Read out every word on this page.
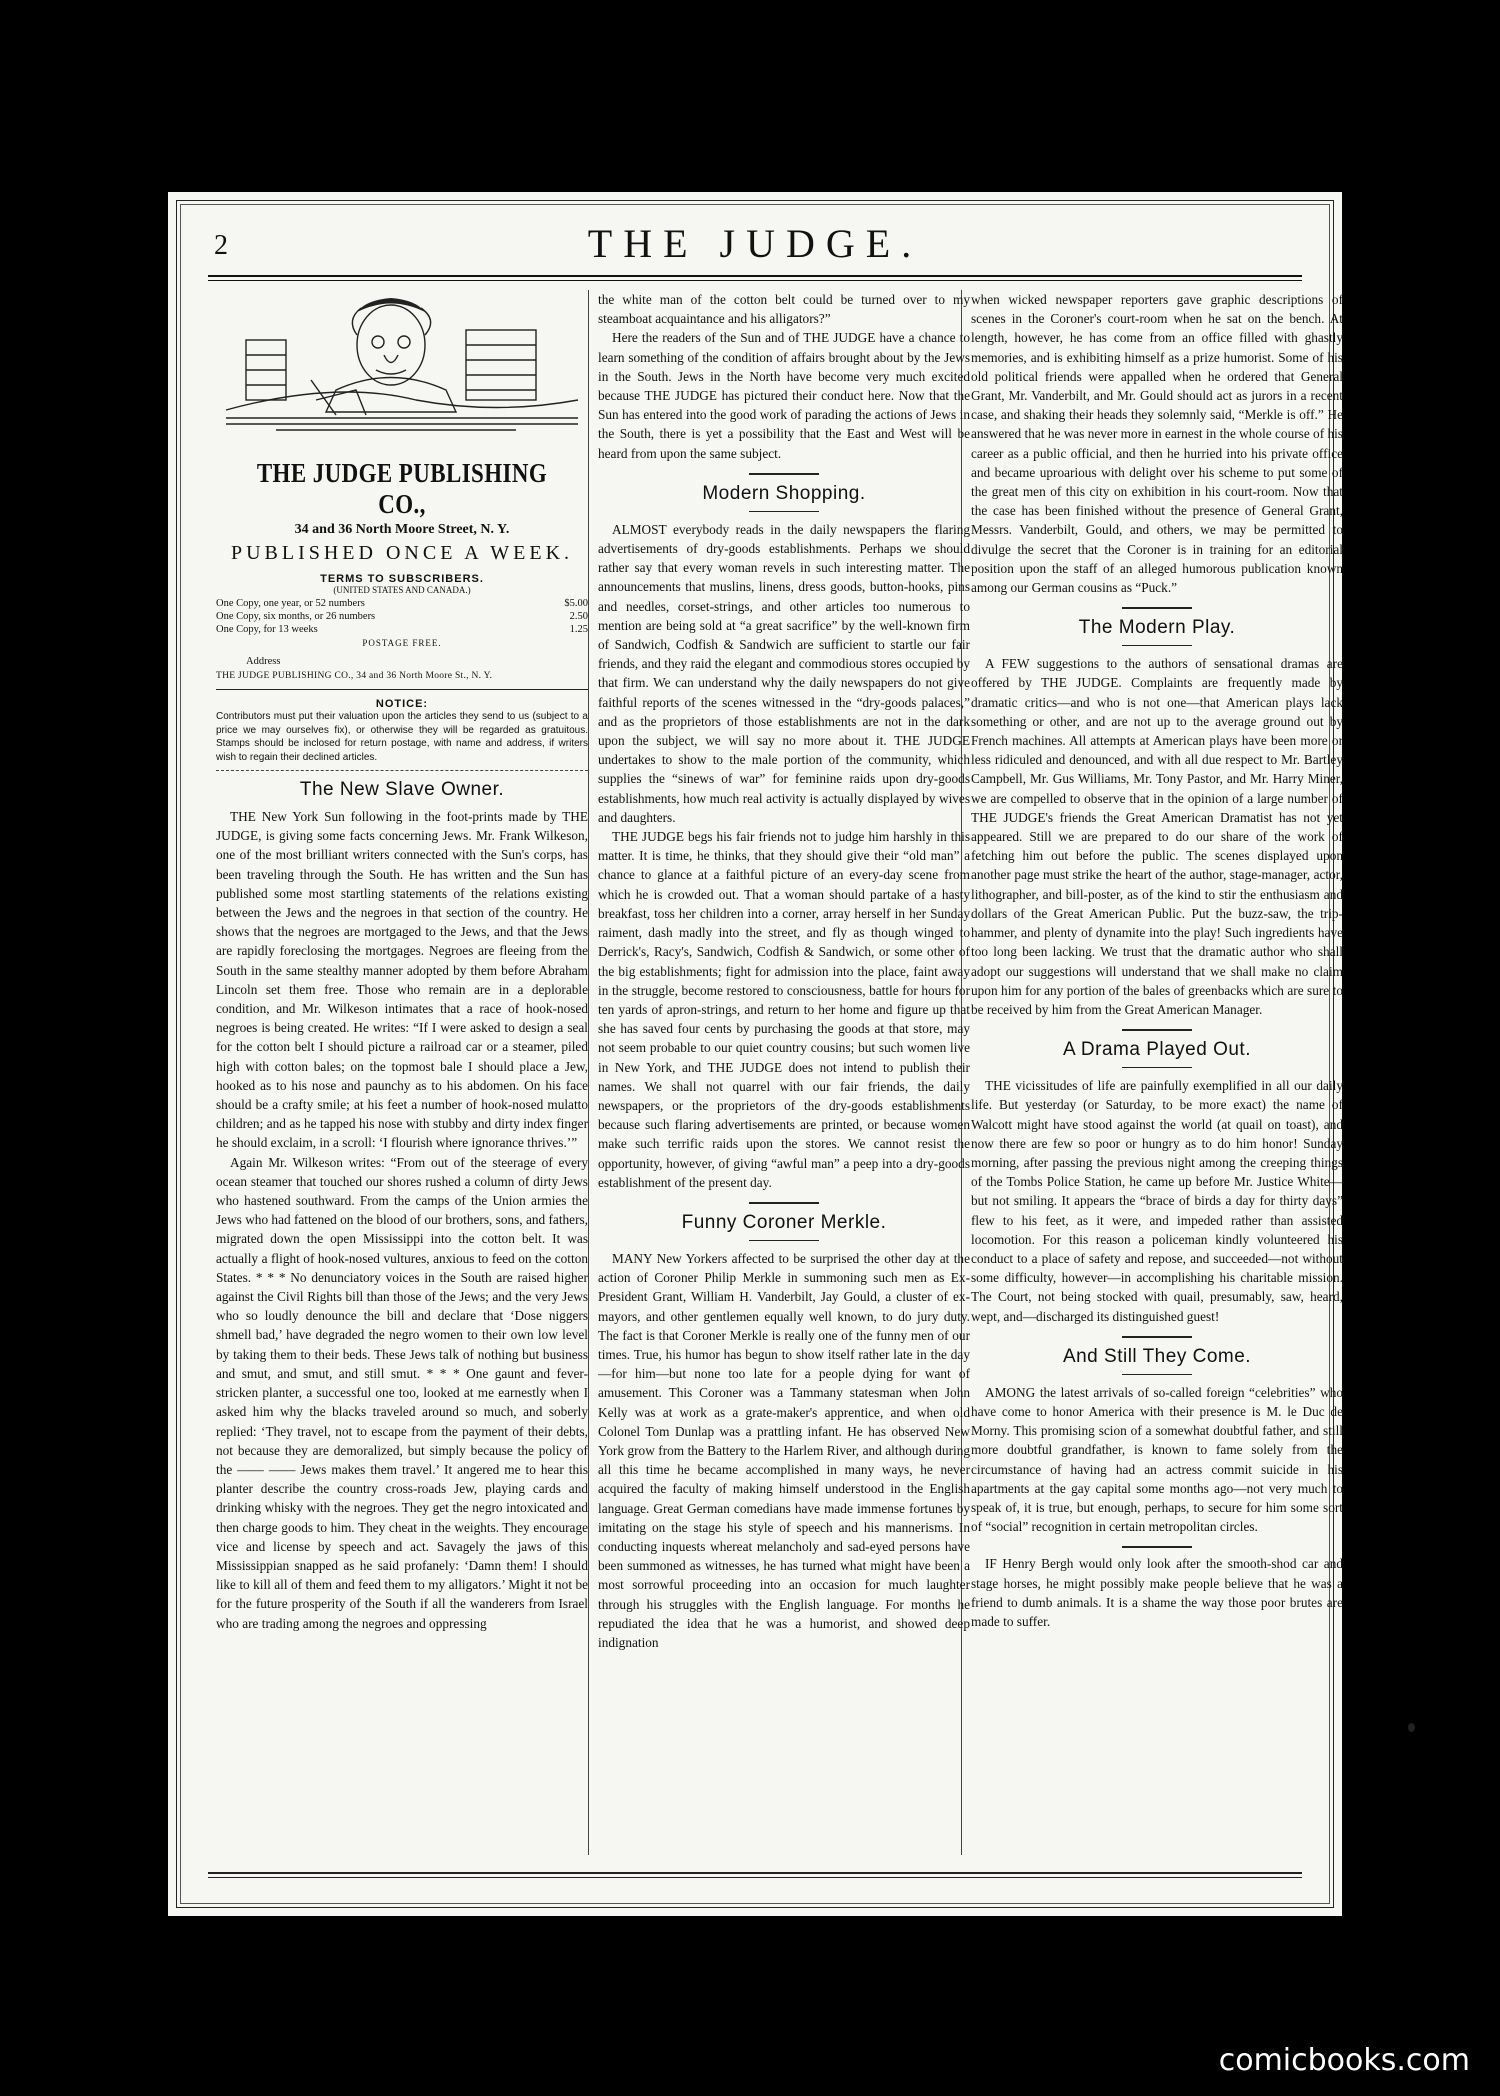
2	THE JUDGE.
THE JUDGE PUBLISHING CO.,
34 and 36 North Moore Street, N. Y.
PUBLISHED ONCE A WEEK.
TERMS TO SUBSCRIBERS.
(UNITED STATES AND CANADA.)
One Copy, one year, or 52 numbers	$5.00
One Copy, six months, or 26 numbers	2.50
One Copy, for 13 weeks	1.25
POSTAGE FREE.
Address
THE JUDGE PUBLISHING CO., 34 and 36 North Moore St., N. Y.
NOTICE:
Contributors must put their valuation upon the articles they send to us (subject to a price we may ourselves fix), or otherwise they will be regarded as gratuitous. Stamps should be inclosed for return postage, with name and address, if writers wish to regain their declined articles.
The New Slave Owner.

THE New York Sun following in the foot-prints made by THE JUDGE, is giving some facts concerning Jews. Mr. Frank Wilkeson, one of the most brilliant writers connected with the Sun's corps, has been traveling through the South. He has written and the Sun has published some most startling statements of the relations existing between the Jews and the negroes in that section of the country. He shows that the negroes are mortgaged to the Jews, and that the Jews are rapidly foreclosing the mortgages. Negroes are fleeing from the South in the same stealthy manner adopted by them before Abraham Lincoln set them free. Those who remain are in a deplorable condition, and Mr. Wilkeson intimates that a race of hook-nosed negroes is being created. He writes: “If I were asked to design a seal for the cotton belt I should picture a railroad car or a steamer, piled high with cotton bales; on the topmost bale I should place a Jew, hooked as to his nose and paunchy as to his abdomen. On his face should be a crafty smile; at his feet a number of hook-nosed mulatto children; and as he tapped his nose with stubby and dirty index finger he should exclaim, in a scroll: ‘I flourish where ignorance thrives.’”

Again Mr. Wilkeson writes: “From out of the steerage of every ocean steamer that touched our shores rushed a column of dirty Jews who hastened southward. From the camps of the Union armies the Jews who had fattened on the blood of our brothers, sons, and fathers, migrated down the open Mississippi into the cotton belt. It was actually a flight of hook-nosed vultures, anxious to feed on the cotton States. * * * No denunciatory voices in the South are raised higher against the Civil Rights bill than those of the Jews; and the very Jews who so loudly denounce the bill and declare that ‘Dose niggers shmell bad,’ have degraded the negro women to their own low level by taking them to their beds. These Jews talk of nothing but business and smut, and smut, and still smut. * * * One gaunt and fever-stricken planter, a successful one too, looked at me earnestly when I asked him why the blacks traveled around so much, and soberly replied: ‘They travel, not to escape from the payment of their debts, not because they are demoralized, but simply because the policy of the —— —— Jews makes them travel.’ It angered me to hear this planter describe the country cross-roads Jew, playing cards and drinking whisky with the negroes. They get the negro intoxicated and then charge goods to him. They cheat in the weights. They encourage vice and license by speech and act. Savagely the jaws of this Mississippian snapped as he said profanely: ‘Damn them! I should like to kill all of them and feed them to my alligators.’ Might it not be for the future prosperity of the South if all the wanderers from Israel who are trading among the negroes and oppressing

the white man of the cotton belt could be turned over to my steamboat acquaintance and his alligators?”

Here the readers of the Sun and of THE JUDGE have a chance to learn something of the condition of affairs brought about by the Jews in the South. Jews in the North have become very much excited because THE JUDGE has pictured their conduct here. Now that the Sun has entered into the good work of parading the actions of Jews in the South, there is yet a possibility that the East and West will be heard from upon the same subject.

Modern Shopping.

ALMOST everybody reads in the daily newspapers the flaring advertisements of dry-goods establishments. Perhaps we should rather say that every woman revels in such interesting matter. The announcements that muslins, linens, dress goods, button-hooks, pins and needles, corset-strings, and other articles too numerous to mention are being sold at “a great sacrifice” by the well-known firm of Sandwich, Codfish & Sandwich are sufficient to startle our fair friends, and they raid the elegant and commodious stores occupied by that firm. We can understand why the daily newspapers do not give faithful reports of the scenes witnessed in the “dry-goods palaces,” and as the proprietors of those establishments are not in the dark upon the subject, we will say no more about it. THE JUDGE undertakes to show to the male portion of the community, which supplies the “sinews of war” for feminine raids upon dry-goods establishments, how much real activity is actually displayed by wives and daughters.

THE JUDGE begs his fair friends not to judge him harshly in this matter. It is time, he thinks, that they should give their “old man” a chance to glance at a faithful picture of an every-day scene from which he is crowded out. That a woman should partake of a hasty breakfast, toss her children into a corner, array herself in her Sunday raiment, dash madly into the street, and fly as though winged to Derrick's, Racy's, Sandwich, Codfish & Sandwich, or some other of the big establishments; fight for admission into the place, faint away in the struggle, become restored to consciousness, battle for hours for ten yards of apron-strings, and return to her home and figure up that she has saved four cents by purchasing the goods at that store, may not seem probable to our quiet country cousins; but such women live in New York, and THE JUDGE does not intend to publish their names. We shall not quarrel with our fair friends, the daily newspapers, or the proprietors of the dry-goods establishments because such flaring advertisements are printed, or because women make such terrific raids upon the stores. We cannot resist the opportunity, however, of giving “awful man” a peep into a dry-goods establishment of the present day.

Funny Coroner Merkle.

MANY New Yorkers affected to be surprised the other day at the action of Coroner Philip Merkle in summoning such men as Ex-President Grant, William H. Vanderbilt, Jay Gould, a cluster of ex-mayors, and other gentlemen equally well known, to do jury duty. The fact is that Coroner Merkle is really one of the funny men of our times. True, his humor has begun to show itself rather late in the day—for him—but none too late for a people dying for want of amusement. This Coroner was a Tammany statesman when John Kelly was at work as a grate-maker's apprentice, and when old Colonel Tom Dunlap was a prattling infant. He has observed New York grow from the Battery to the Harlem River, and although during all this time he became accomplished in many ways, he never acquired the faculty of making himself understood in the English language. Great German comedians have made immense fortunes by imitating on the stage his style of speech and his mannerisms. In conducting inquests whereat melancholy and sad-eyed persons have been summoned as witnesses, he has turned what might have been a most sorrowful proceeding into an occasion for much laughter through his struggles with the English language. For months he repudiated the idea that he was a humorist, and showed deep indignation

when wicked newspaper reporters gave graphic descriptions of scenes in the Coroner's court-room when he sat on the bench. At length, however, he has come from an office filled with ghastly memories, and is exhibiting himself as a prize humorist. Some of his old political friends were appalled when he ordered that General Grant, Mr. Vanderbilt, and Mr. Gould should act as jurors in a recent case, and shaking their heads they solemnly said, “Merkle is off.” He answered that he was never more in earnest in the whole course of his career as a public official, and then he hurried into his private office and became uproarious with delight over his scheme to put some of the great men of this city on exhibition in his court-room. Now that the case has been finished without the presence of General Grant, Messrs. Vanderbilt, Gould, and others, we may be permitted to divulge the secret that the Coroner is in training for an editorial position upon the staff of an alleged humorous publication known among our German cousins as “Puck.”

The Modern Play.

A FEW suggestions to the authors of sensational dramas are offered by THE JUDGE. Complaints are frequently made by dramatic critics—and who is not one—that American plays lack something or other, and are not up to the average ground out by French machines. All attempts at American plays have been more or less ridiculed and denounced, and with all due respect to Mr. Bartley Campbell, Mr. Gus Williams, Mr. Tony Pastor, and Mr. Harry Miner, we are compelled to observe that in the opinion of a large number of THE JUDGE's friends the Great American Dramatist has not yet appeared. Still we are prepared to do our share of the work of fetching him out before the public. The scenes displayed upon another page must strike the heart of the author, stage-manager, actor, lithographer, and bill-poster, as of the kind to stir the enthusiasm and dollars of the Great American Public. Put the buzz-saw, the trip-hammer, and plenty of dynamite into the play! Such ingredients have too long been lacking. We trust that the dramatic author who shall adopt our suggestions will understand that we shall make no claim upon him for any portion of the bales of greenbacks which are sure to be received by him from the Great American Manager.

A Drama Played Out.

THE vicissitudes of life are painfully exemplified in all our daily life. But yesterday (or Saturday, to be more exact) the name of Walcott might have stood against the world (at quail on toast), and now there are few so poor or hungry as to do him honor! Sunday morning, after passing the previous night among the creeping things of the Tombs Police Station, he came up before Mr. Justice White—but not smiling. It appears the “brace of birds a day for thirty days” flew to his feet, as it were, and impeded rather than assisted locomotion. For this reason a policeman kindly volunteered his conduct to a place of safety and repose, and succeeded—not without some difficulty, however—in accomplishing his charitable mission. The Court, not being stocked with quail, presumably, saw, heard, wept, and—discharged its distinguished guest!

And Still They Come.

AMONG the latest arrivals of so-called foreign “celebrities” who have come to honor America with their presence is M. le Duc de Morny. This promising scion of a somewhat doubtful father, and still more doubtful grandfather, is known to fame solely from the circumstance of having had an actress commit suicide in his apartments at the gay capital some months ago—not very much to speak of, it is true, but enough, perhaps, to secure for him some sort of “social” recognition in certain metropolitan circles.

IF Henry Bergh would only look after the smooth-shod car and stage horses, he might possibly make people believe that he was a friend to dumb animals. It is a shame the way those poor brutes are made to suffer.

comicbooks.com
